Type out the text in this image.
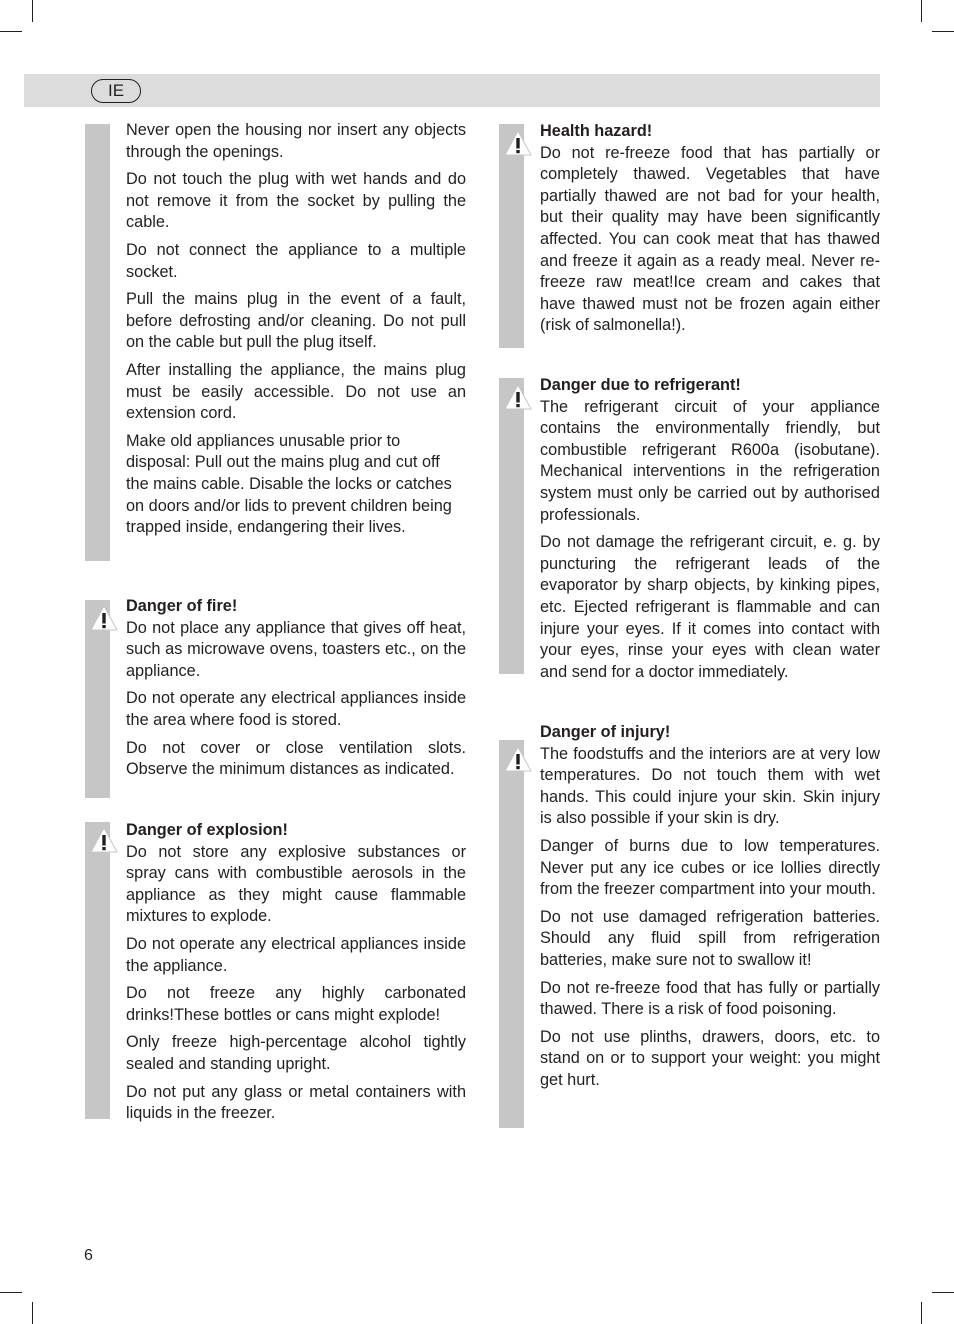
IE

Never open the housing nor insert any objects through the openings.

Do not touch the plug with wet hands and do not remove it from the socket by pulling the cable.

Do not connect the appliance to a multiple socket.

Pull the mains plug in the event of a fault, before defrosting and/or cleaning. Do not pull on the cable but pull the plug itself.

After installing the appliance, the mains plug must be easily accessible. Do not use an extension cord.

Make old appliances unusable prior to disposal: Pull out the mains plug and cut off the mains cable. Disable the locks or catches on doors and/or lids to prevent children being trapped inside, endangering their lives.

Danger of fire!

Do not place any appliance that gives off heat, such as microwave ovens, toasters etc., on the appliance.

Do not operate any electrical appliances inside the area where food is stored.

Do not cover or close ventilation slots. Observe the minimum distances as indicated.

Danger of explosion!

Do not store any explosive substances or spray cans with combustible aerosols in the appliance as they might cause flammable mixtures to explode.

Do not operate any electrical appliances inside the appliance.

Do not freeze any highly carbonated drinks!These bottles or cans might explode!

Only freeze high-percentage alcohol tightly sealed and standing upright.

Do not put any glass or metal containers with liquids in the freezer.

Health hazard!

Do not re-freeze food that has partially or completely thawed. Vegetables that have partially thawed are not bad for your health, but their quality may have been significantly affected. You can cook meat that has thawed and freeze it again as a ready meal. Never re-freeze raw meat!Ice cream and cakes that have thawed must not be frozen again either (risk of salmonella!).

Danger due to refrigerant!

The refrigerant circuit of your appliance contains the environmentally friendly, but combustible refrigerant R600a (isobutane). Mechanical interventions in the refrigeration system must only be carried out by authorised professionals.

Do not damage the refrigerant circuit, e. g. by puncturing the refrigerant leads of the evaporator by sharp objects, by kinking pipes, etc. Ejected refrigerant is flammable and can injure your eyes. If it comes into contact with your eyes, rinse your eyes with clean water and send for a doctor immediately.

Danger of injury!

The foodstuffs and the interiors are at very low temperatures. Do not touch them with wet hands. This could injure your skin. Skin injury is also possible if your skin is dry.

Danger of burns due to low temperatures. Never put any ice cubes or ice lollies directly from the freezer compartment into your mouth.

Do not use damaged refrigeration batteries. Should any fluid spill from refrigeration batteries, make sure not to swallow it!

Do not re-freeze food that has fully or partially thawed. There is a risk of food poisoning.

Do not use plinths, drawers, doors, etc. to stand on or to support your weight: you might get hurt.

6
